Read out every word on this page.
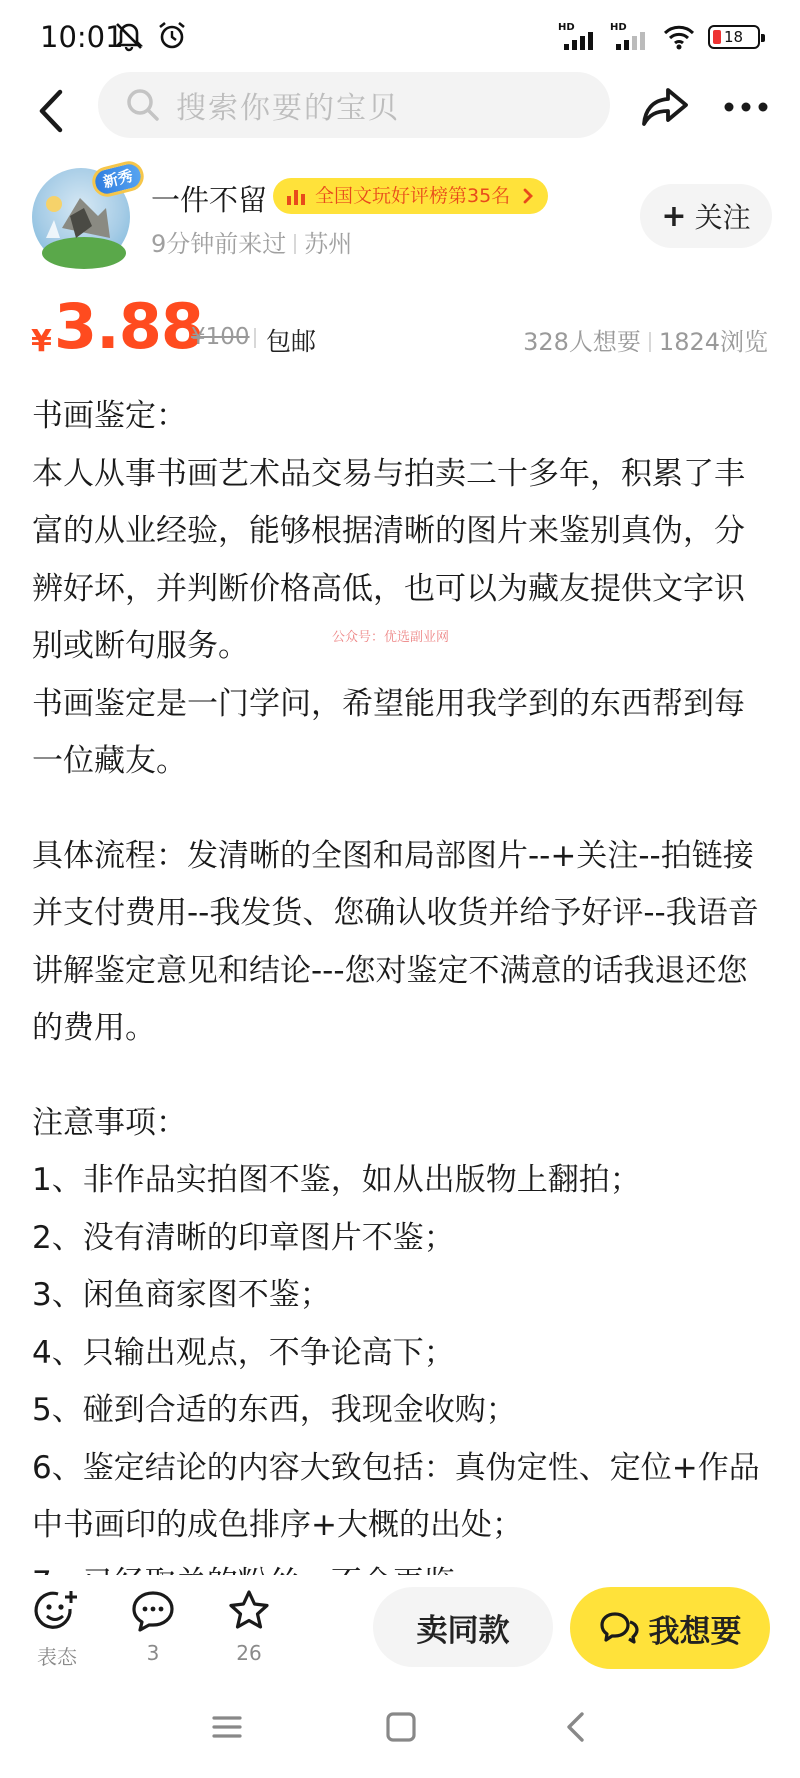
10:01	HD	HD
18
搜索你要的宝贝
新秀
一件不留	全国文玩好评榜第35名
9分钟前来过 苏州
+ 关注
¥ 3.88
¥100 包邮	328人想要 1824浏览

书画鉴定：

本人从事书画艺术品交易与拍卖二十多年，积累了丰富的从业经验，能够根据清晰的图片来鉴别真伪，分辨好坏，并判断价格高低，也可以为藏友提供文字识别或断句服务。

书画鉴定是一门学问，希望能用我学到的东西帮到每一位藏友。

具体流程：发清晰的全图和局部图片--+关注--拍链接并支付费用--我发货、您确认收货并给予好评--我语音讲解鉴定意见和结论---您对鉴定不满意的话我退还您的费用。

注意事项：

1、非作品实拍图不鉴，如从出版物上翻拍；

2、没有清晰的印章图片不鉴；

3、闲鱼商家图不鉴；

4、只输出观点，不争论高下；

5、碰到合适的东西，我现金收购；

6、鉴定结论的内容大致包括：真伪定性、定位+作品中书画印的成色排序+大概的出处；

公众号：优选副业网
表态	3	26
卖同款	我想要
